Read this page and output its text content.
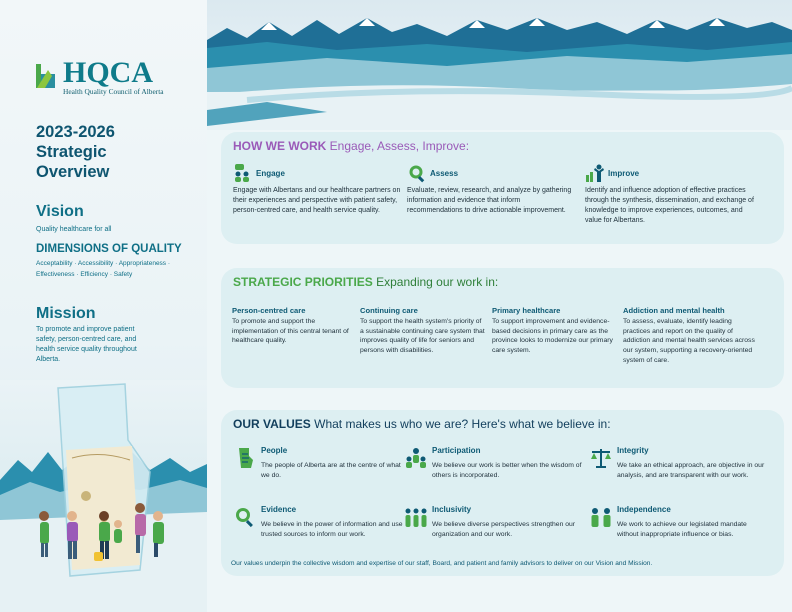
HQCA
Health Quality Council of Alberta
2023-2026
Strategic
Overview
Vision
Quality healthcare for all
DIMENSIONS OF QUALITY
Acceptability · Accessibility · Appropriateness · Effectiveness · Efficiency · Safety
Mission
To promote and improve patient safety, person-centred care, and health service quality throughout Alberta.
HOW WE WORK Engage, Assess, Improve:
Engage
Engage with Albertans and our healthcare partners on their experiences and perspective with patient safety, person-centred care, and health service quality.
Assess
Evaluate, review, research, and analyze by gathering information and evidence that inform recommendations to drive actionable improvement.
Improve
Identify and influence adoption of effective practices through the synthesis, dissemination, and exchange of knowledge to improve experiences, outcomes, and value for Albertans.
STRATEGIC PRIORITIES Expanding our work in:
Person-centred care
To promote and support the implementation of this central tenant of healthcare quality.
Continuing care
To support the health system's priority of a sustainable continuing care system that improves quality of life for seniors and persons with disabilities.
Primary healthcare
To support improvement and evidence-based decisions in primary care as the province looks to modernize our primary care system.
Addiction and mental health
To assess, evaluate, identify leading practices and report on the quality of addiction and mental health services across our system, supporting a recovery-oriented system of care.
OUR VALUES What makes us who we are? Here's what we believe in:
People
The people of Alberta are at the centre of what we do.
Participation
We believe our work is better when the wisdom of others is incorporated.
Integrity
We take an ethical approach, are objective in our analysis, and are transparent with our work.
Evidence
We believe in the power of information and use trusted sources to inform our work.
Inclusivity
We believe diverse perspectives strengthen our organization and our work.
Independence
We work to achieve our legislated mandate without inappropriate influence or bias.
Our values underpin the collective wisdom and expertise of our staff, Board, and patient and family advisors to deliver on our Vision and Mission.
